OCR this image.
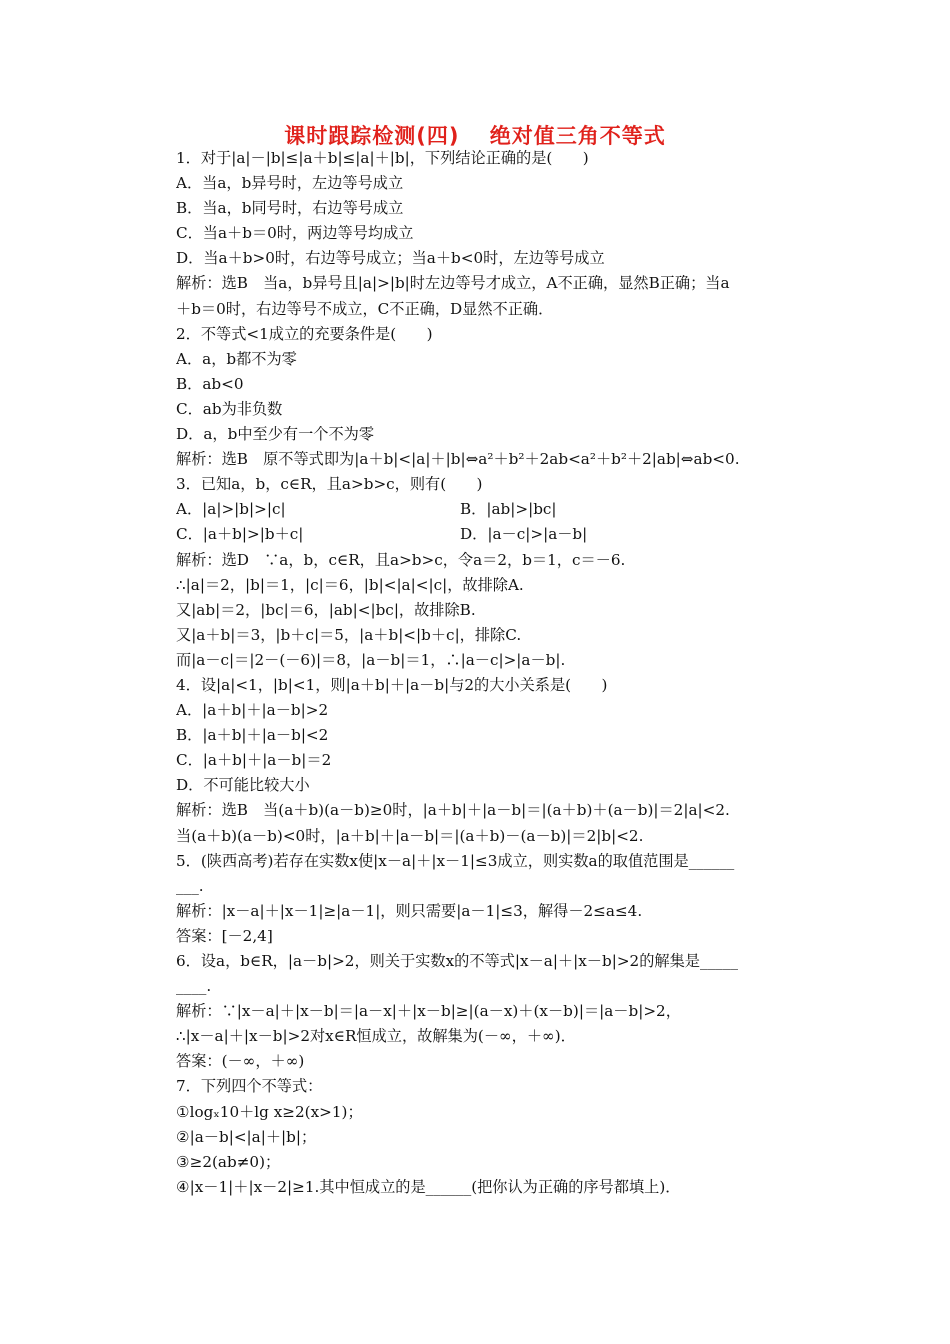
课时跟踪检测(四)　 绝对值三角不等式
1．对于|a|－|b|≤|a＋b|≤|a|＋|b|，下列结论正确的是(　　)
A．当a，b异号时，左边等号成立
B．当a，b同号时，右边等号成立
C．当a＋b＝0时，两边等号均成立
D．当a＋b>0时，右边等号成立；当a＋b<0时，左边等号成立
解析：选B　当a，b异号且|a|>|b|时左边等号才成立，A不正确，显然B正确；当a
＋b＝0时，右边等号不成立，C不正确，D显然不正确．
2．不等式<1成立的充要条件是(　　)
A．a，b都不为零
B．ab<0
C．ab为非负数
D．a，b中至少有一个不为零
解析：选B　原不等式即为|a＋b|<|a|＋|b|⇔a²＋b²＋2ab<a²＋b²＋2|ab|⇔ab<0.
3．已知a，b，c∈R，且a>b>c，则有(　　)
A．|a|>|b|>|c|	B．|ab|>|bc|
C．|a＋b|>|b＋c|	D．|a－c|>|a－b|
解析：选D　∵a，b，c∈R，且a>b>c，令a＝2，b＝1，c＝－6.
∴|a|＝2，|b|＝1，|c|＝6，|b|<|a|<|c|，故排除A.
又|ab|＝2，|bc|＝6，|ab|<|bc|，故排除B.
又|a＋b|＝3，|b＋c|＝5，|a＋b|<|b＋c|，排除C.
而|a－c|＝|2－(－6)|＝8，|a－b|＝1，∴|a－c|>|a－b|.
4．设|a|<1，|b|<1，则|a＋b|＋|a－b|与2的大小关系是(　　)
A．|a＋b|＋|a－b|>2
B．|a＋b|＋|a－b|<2
C．|a＋b|＋|a－b|＝2
D．不可能比较大小
解析：选B　当(a＋b)(a－b)≥0时，|a＋b|＋|a－b|＝|(a＋b)＋(a－b)|＝2|a|<2.
当(a＋b)(a－b)<0时，|a＋b|＋|a－b|＝|(a＋b)－(a－b)|＝2|b|<2.
5．(陕西高考)若存在实数x使|x－a|＋|x－1|≤3成立，则实数a的取值范围是______
___.
解析：|x－a|＋|x－1|≥|a－1|，则只需要|a－1|≤3，解得－2≤a≤4.
答案：[－2,4]
6．设a，b∈R，|a－b|>2，则关于实数x的不等式|x－a|＋|x－b|>2的解集是_____
____.
解析：∵|x－a|＋|x－b|＝|a－x|＋|x－b|≥|(a－x)＋(x－b)|＝|a－b|>2，
∴|x－a|＋|x－b|>2对x∈R恒成立，故解集为(－∞，＋∞)．
答案：(－∞，＋∞)
7．下列四个不等式：
①logₓ10＋lg x≥2(x>1)；
②|a－b|<|a|＋|b|；
③≥2(ab≠0)；
④|x－1|＋|x－2|≥1.其中恒成立的是______(把你认为正确的序号都填上)．
